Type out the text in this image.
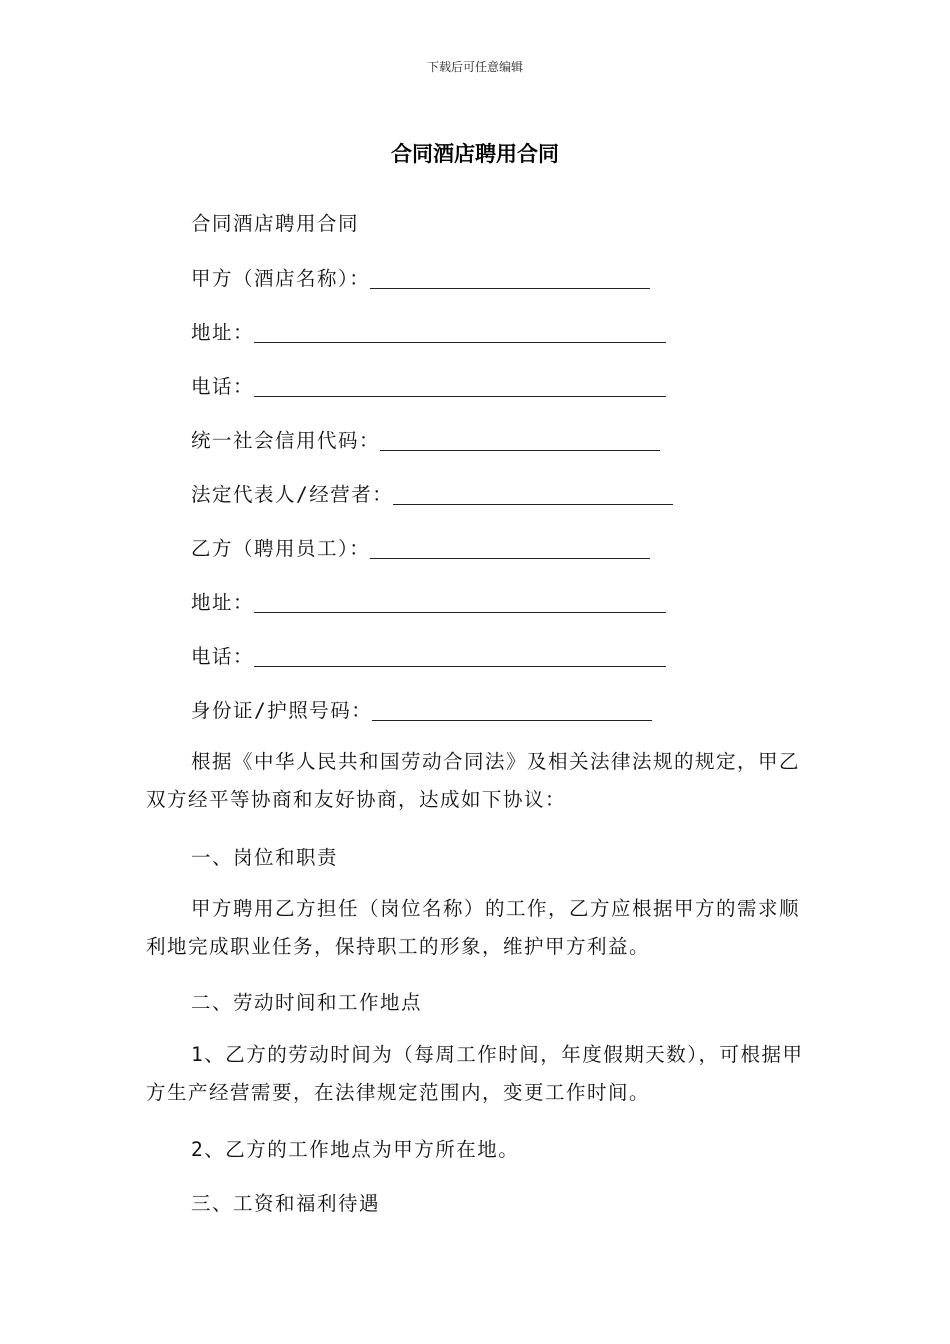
下载后可任意编辑
合同酒店聘用合同
合同酒店聘用合同
甲方（酒店名称）：
地址：
电话：
统一社会信用代码：
法定代表人/经营者：
乙方（聘用员工）：
地址：
电话：
身份证/护照号码：
根据《中华人民共和国劳动合同法》及相关法律法规的规定，甲乙双方经平等协商和友好协商，达成如下协议：
一、岗位和职责
甲方聘用乙方担任（岗位名称）的工作，乙方应根据甲方的需求顺利地完成职业任务，保持职工的形象，维护甲方利益。
二、劳动时间和工作地点
1、乙方的劳动时间为（每周工作时间，年度假期天数），可根据甲方生产经营需要，在法律规定范围内，变更工作时间。
2、乙方的工作地点为甲方所在地。
三、工资和福利待遇
